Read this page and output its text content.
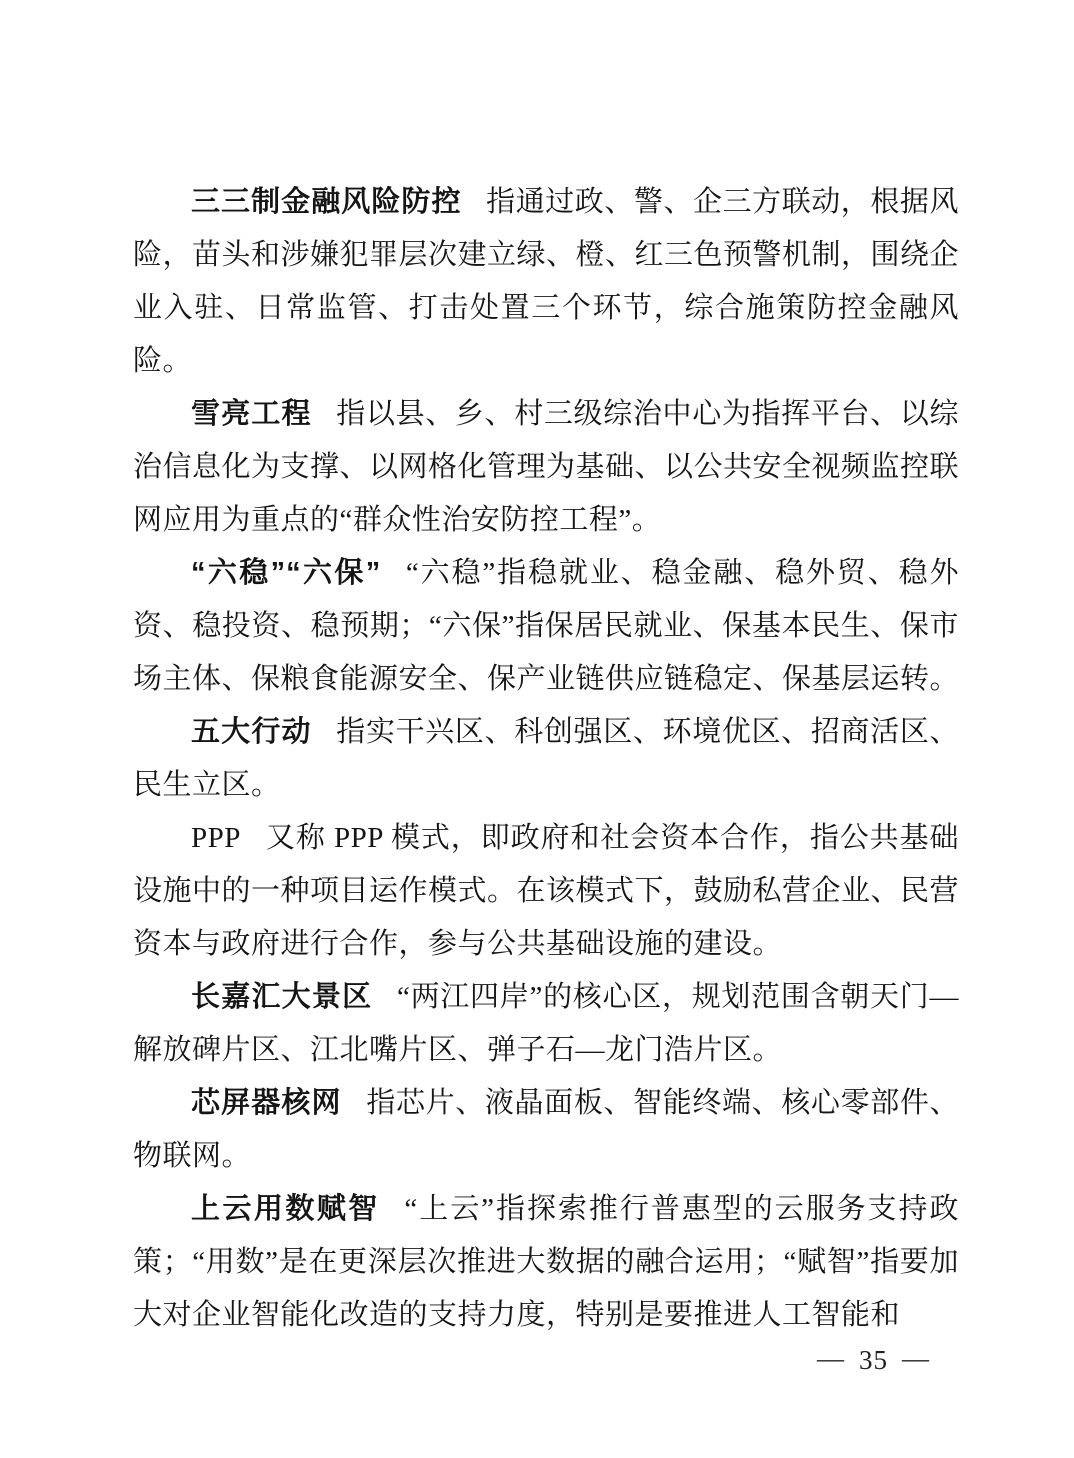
三三制金融风险防控 指通过政、警、企三方联动，根据风险，苗头和涉嫌犯罪层次建立绿、橙、红三色预警机制，围绕企业入驻、日常监管、打击处置三个环节，综合施策防控金融风险。

雪亮工程 指以县、乡、村三级综治中心为指挥平台、以综治信息化为支撑、以网格化管理为基础、以公共安全视频监控联网应用为重点的“群众性治安防控工程”。

“六稳”“六保” “六稳”指稳就业、稳金融、稳外贸、稳外资、稳投资、稳预期；“六保”指保居民就业、保基本民生、保市场主体、保粮食能源安全、保产业链供应链稳定、保基层运转。

五大行动 指实干兴区、科创强区、环境优区、招商活区、民生立区。

PPP 又称 PPP 模式，即政府和社会资本合作，指公共基础设施中的一种项目运作模式。在该模式下，鼓励私营企业、民营资本与政府进行合作，参与公共基础设施的建设。

长嘉汇大景区 “两江四岸”的核心区，规划范围含朝天门—解放碑片区、江北嘴片区、弹子石—龙门浩片区。

芯屏器核网 指芯片、液晶面板、智能终端、核心零部件、物联网。

上云用数赋智 “上云”指探索推行普惠型的云服务支持政策；“用数”是在更深层次推进大数据的融合运用；“赋智”指要加大对企业智能化改造的支持力度，特别是要推进人工智能和

— 35 —
